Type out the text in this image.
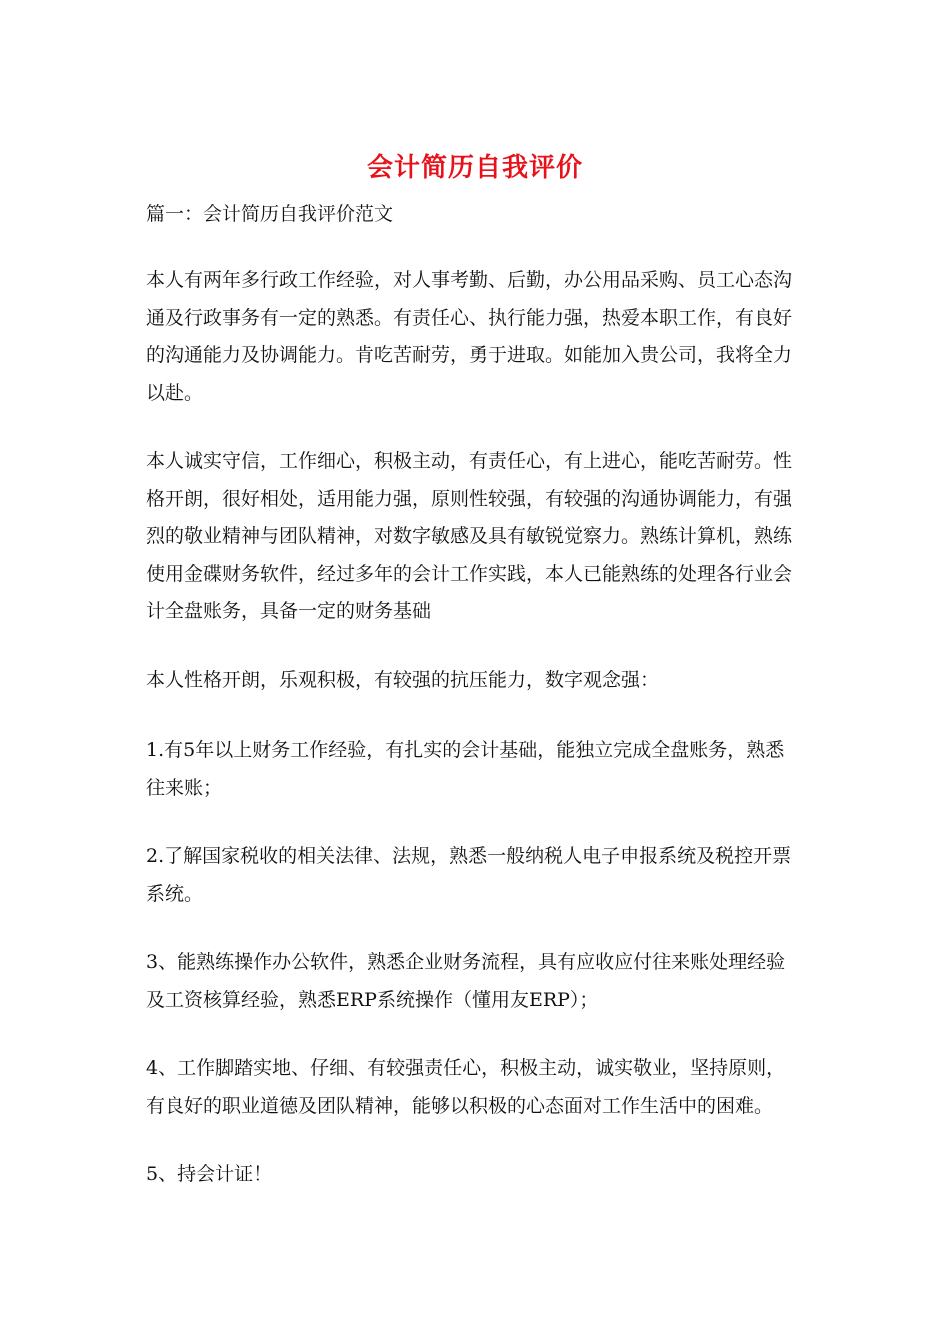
会计简历自我评价
篇一：会计简历自我评价范文
本人有两年多行政工作经验，对人事考勤、后勤，办公用品采购、员工心态沟
通及行政事务有一定的熟悉。有责任心、执行能力强，热爱本职工作，有良好
的沟通能力及协调能力。肯吃苦耐劳，勇于进取。如能加入贵公司，我将全力
以赴。
本人诚实守信，工作细心，积极主动，有责任心，有上进心，能吃苦耐劳。性
格开朗，很好相处，适用能力强，原则性较强，有较强的沟通协调能力，有强
烈的敬业精神与团队精神，对数字敏感及具有敏锐觉察力。熟练计算机，熟练
使用金碟财务软件，经过多年的会计工作实践，本人已能熟练的处理各行业会
计全盘账务，具备一定的财务基础
本人性格开朗，乐观积极，有较强的抗压能力，数字观念强：
1.有5年以上财务工作经验，有扎实的会计基础，能独立完成全盘账务，熟悉
往来账；
2.了解国家税收的相关法律、法规，熟悉一般纳税人电子申报系统及税控开票
系统。
3、能熟练操作办公软件，熟悉企业财务流程，具有应收应付往来账处理经验
及工资核算经验，熟悉ERP系统操作（懂用友ERP）；
4、工作脚踏实地、仔细、有较强责任心，积极主动，诚实敬业，坚持原则，
有良好的职业道德及团队精神，能够以积极的心态面对工作生活中的困难。
5、持会计证！
